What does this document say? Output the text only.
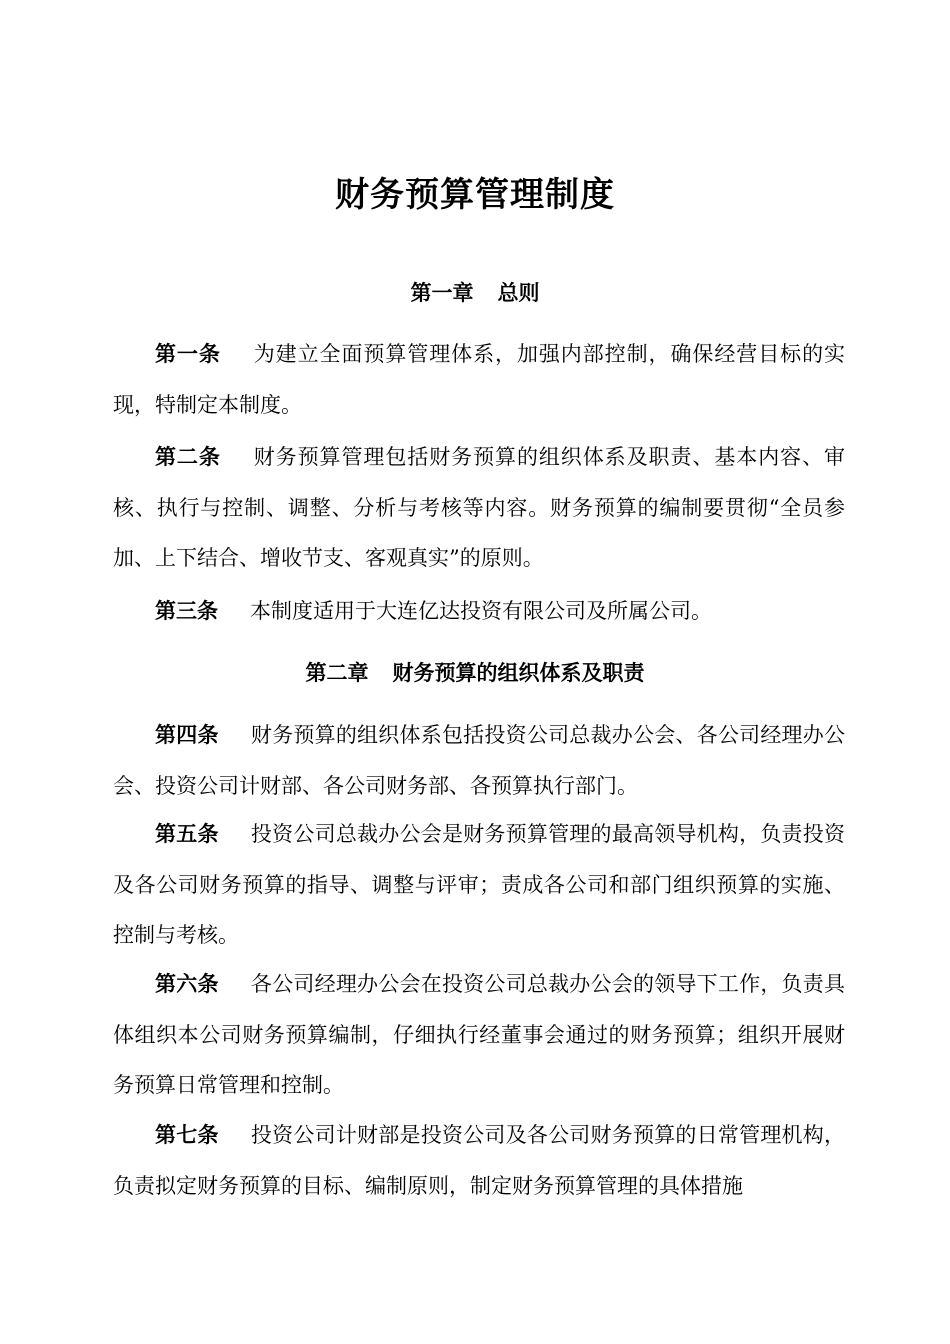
财务预算管理制度
第一章 总则

第一条 为建立全面预算管理体系，加强内部控制，确保经营目标的实现，特制定本制度。

第二条 财务预算管理包括财务预算的组织体系及职责、基本内容、审核、执行与控制、调整、分析与考核等内容。财务预算的编制要贯彻“全员参加、上下结合、增收节支、客观真实”的原则。

第三条 本制度适用于大连亿达投资有限公司及所属公司。

第二章 财务预算的组织体系及职责

第四条 财务预算的组织体系包括投资公司总裁办公会、各公司经理办公会、投资公司计财部、各公司财务部、各预算执行部门。

第五条 投资公司总裁办公会是财务预算管理的最高领导机构，负责投资及各公司财务预算的指导、调整与评审；责成各公司和部门组织预算的实施、控制与考核。

第六条 各公司经理办公会在投资公司总裁办公会的领导下工作，负责具体组织本公司财务预算编制，仔细执行经董事会通过的财务预算；组织开展财务预算日常管理和控制。

第七条 投资公司计财部是投资公司及各公司财务预算的日常管理机构，负责拟定财务预算的目标、编制原则，制定财务预算管理的具体措施
